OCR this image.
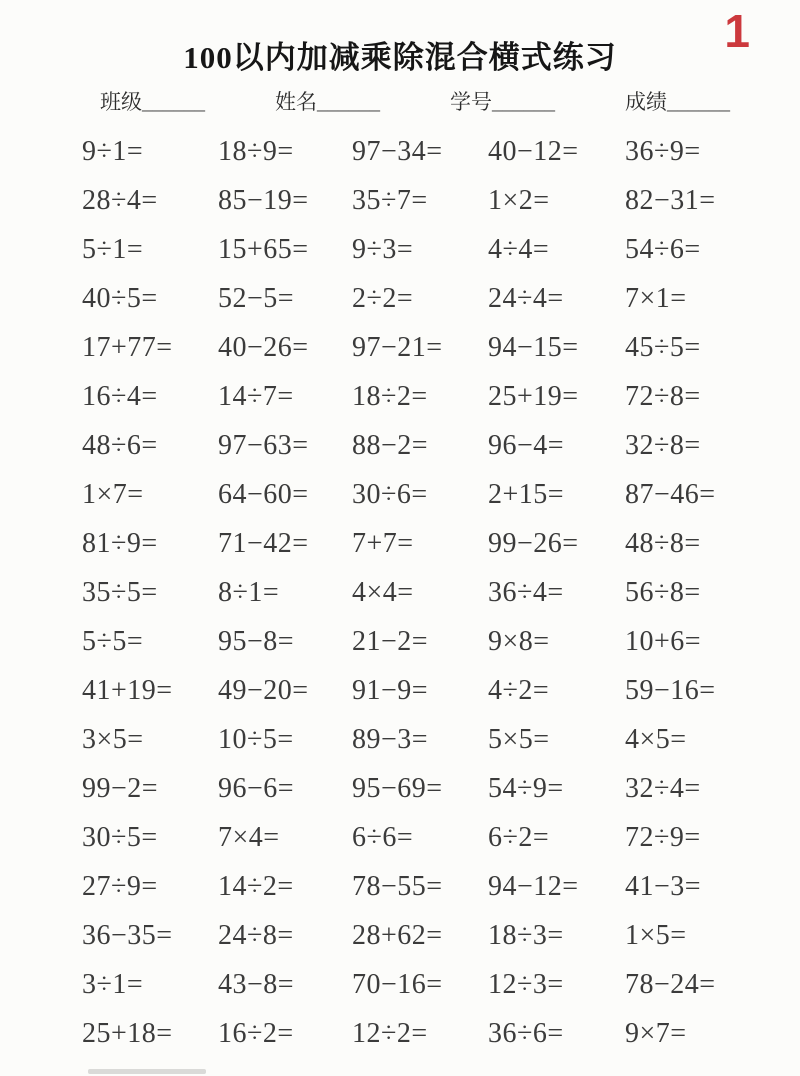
1
100以内加减乘除混合横式练习
班级______	姓名______	学号______	成绩______
9÷1=	18÷9=	97−34=	40−12=	36÷9=
28÷4=	85−19=	35÷7=	1×2=	82−31=
5÷1=	15+65=	9÷3=	4÷4=	54÷6=
40÷5=	52−5=	2÷2=	24÷4=	7×1=
17+77=	40−26=	97−21=	94−15=	45÷5=
16÷4=	14÷7=	18÷2=	25+19=	72÷8=
48÷6=	97−63=	88−2=	96−4=	32÷8=
1×7=	64−60=	30÷6=	2+15=	87−46=
81÷9=	71−42=	7+7=	99−26=	48÷8=
35÷5=	8÷1=	4×4=	36÷4=	56÷8=
5÷5=	95−8=	21−2=	9×8=	10+6=
41+19=	49−20=	91−9=	4÷2=	59−16=
3×5=	10÷5=	89−3=	5×5=	4×5=
99−2=	96−6=	95−69=	54÷9=	32÷4=
30÷5=	7×4=	6÷6=	6÷2=	72÷9=
27÷9=	14÷2=	78−55=	94−12=	41−3=
36−35=	24÷8=	28+62=	18÷3=	1×5=
3÷1=	43−8=	70−16=	12÷3=	78−24=
25+18=	16÷2=	12÷2=	36÷6=	9×7=
